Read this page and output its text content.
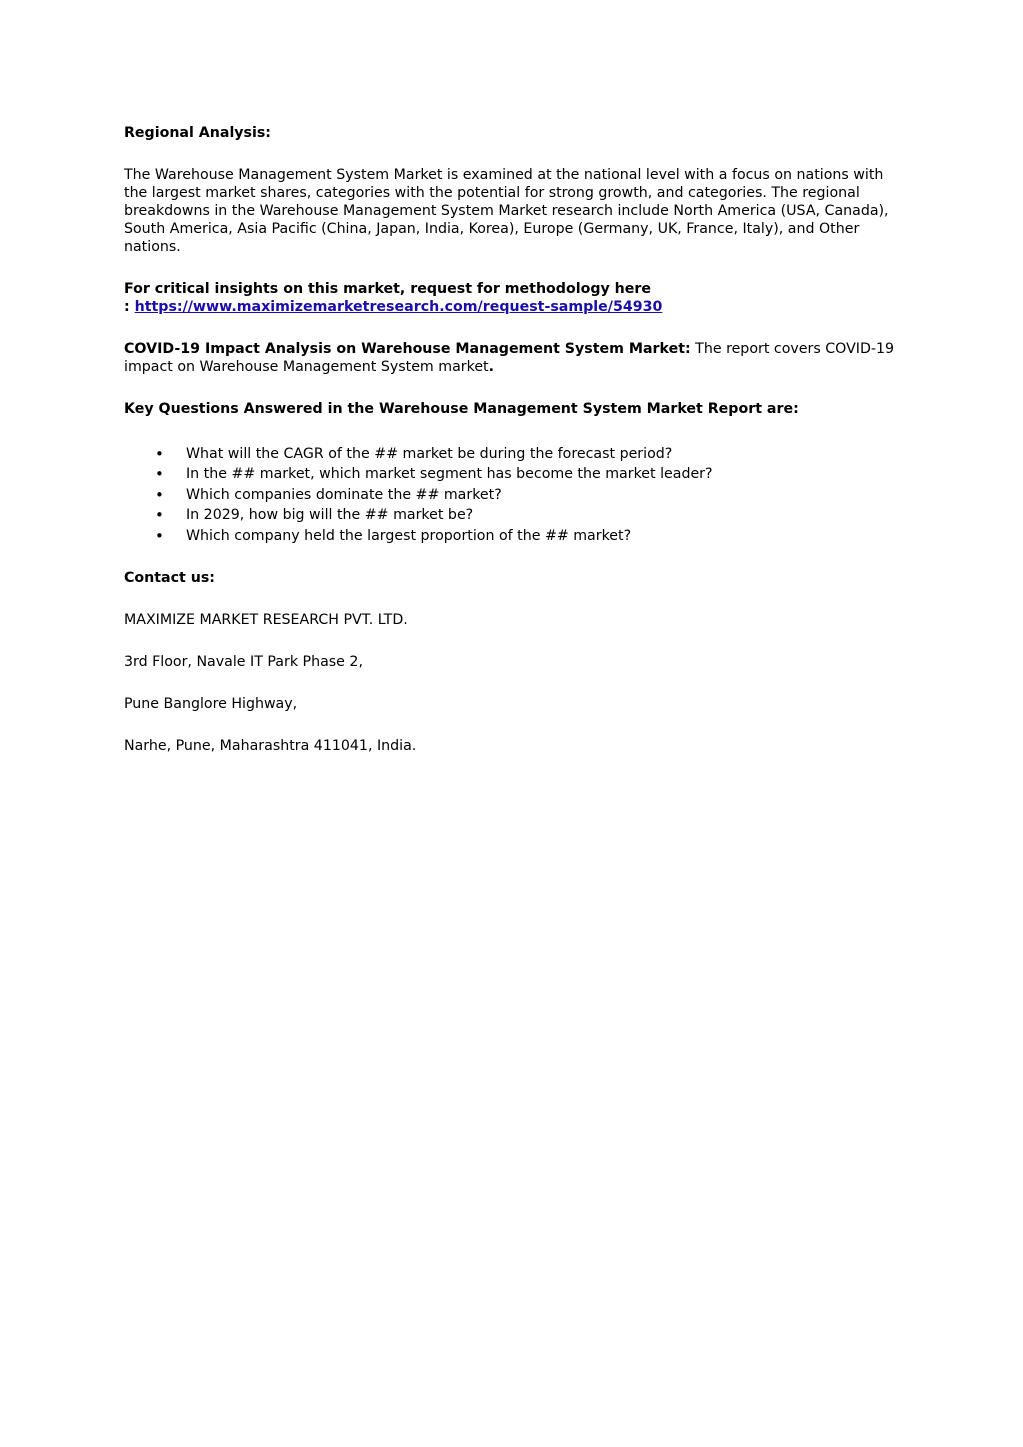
Regional Analysis:

The Warehouse Management System Market is examined at the national level with a focus on nations with the largest market shares, categories with the potential for strong growth, and categories. The regional breakdowns in the Warehouse Management System Market research include North America (USA, Canada), South America, Asia Pacific (China, Japan, India, Korea), Europe (Germany, UK, France, Italy), and Other nations.

For critical insights on this market, request for methodology here
: https://www.maximizemarketresearch.com/request-sample/54930

COVID-19 Impact Analysis on Warehouse Management System Market: The report covers COVID-19 impact on Warehouse Management System market.

Key Questions Answered in the Warehouse Management System Market Report are:

• What will the CAGR of the ## market be during the forecast period?
• In the ## market, which market segment has become the market leader?
• Which companies dominate the ## market?
• In 2029, how big will the ## market be?
• Which company held the largest proportion of the ## market?

Contact us:

MAXIMIZE MARKET RESEARCH PVT. LTD.

3rd Floor, Navale IT Park Phase 2,

Pune Banglore Highway,

Narhe, Pune, Maharashtra 411041, India.
